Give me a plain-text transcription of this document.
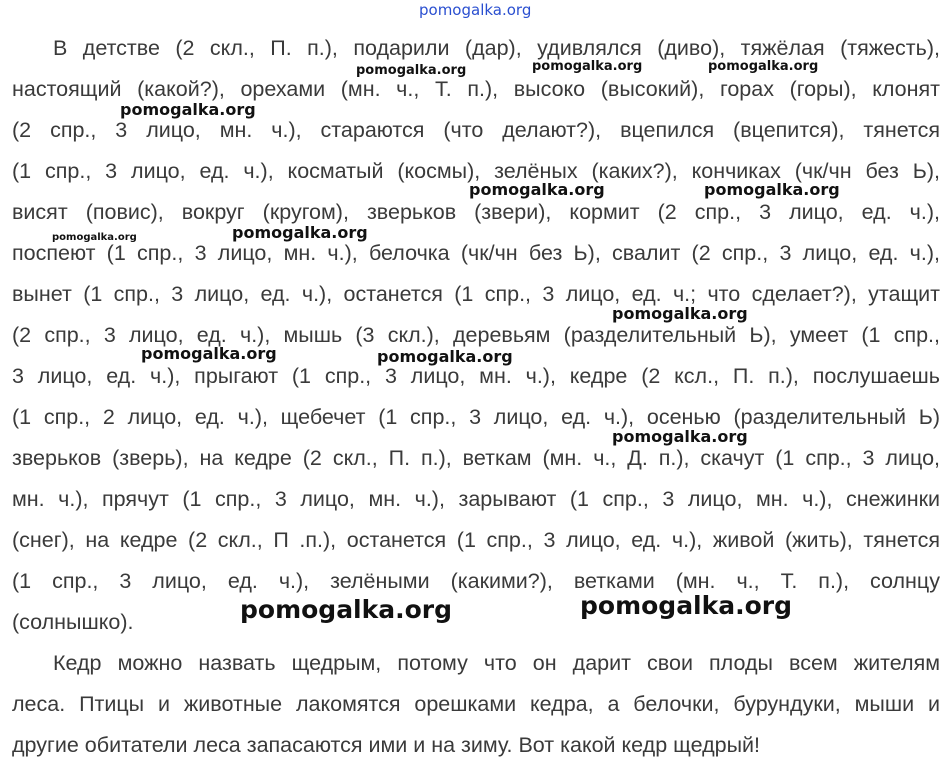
pomogalka.org
В детстве (2 скл., П. п.), подарили (дар), удивлялся (диво), тяжёлая (тяжесть),
настоящий (какой?), орехами (мн. ч., Т. п.), высоко (высокий), горах (горы), клонят
(2 спр., 3 лицо, мн. ч.), стараются (что делают?), вцепился (вцепится), тянется
(1 спр., 3 лицо, ед. ч.), косматый (космы), зелёных (каких?), кончиках (чк/чн без Ь),
висят (повис), вокруг (кругом), зверьков (звери), кормит (2 спр., 3 лицо, ед. ч.),
поспеют (1 спр., 3 лицо, мн. ч.), белочка (чк/чн без Ь), свалит (2 спр., 3 лицо, ед. ч.),
вынет (1 спр., 3 лицо, ед. ч.), останется (1 спр., 3 лицо, ед. ч.; что сделает?), утащит
(2 спр., 3 лицо, ед. ч.), мышь (3 скл.), деревьям (разделительный Ь), умеет (1 спр.,
3 лицо, ед. ч.), прыгают (1 спр., 3 лицо, мн. ч.), кедре (2 ксл., П. п.), послушаешь
(1 спр., 2 лицо, ед. ч.), щебечет (1 спр., 3 лицо, ед. ч.), осенью (разделительный Ь)
зверьков (зверь), на кедре (2 скл., П. п.), веткам (мн. ч., Д. п.), скачут (1 спр., 3 лицо,
мн. ч.), прячут (1 спр., 3 лицо, мн. ч.), зарывают (1 спр., 3 лицо, мн. ч.), снежинки
(снег), на кедре (2 скл., П .п.), останется (1 спр., 3 лицо, ед. ч.), живой (жить), тянется
(1 спр., 3 лицо, ед. ч.), зелёными (какими?), ветками (мн. ч., Т. п.), солнцу
(солнышко).
Кедр можно назвать щедрым, потому что он дарит свои плоды всем жителям
леса. Птицы и животные лакомятся орешками кедра, а белочки, бурундуки, мыши и
другие обитатели леса запасаются ими и на зиму. Вот какой кедр щедрый!
pomogalka.org	pomogalka.org	pomogalka.org
pomogalka.org
pomogalka.org	pomogalka.org
pomogalka.org	pomogalka.org
pomogalka.org
pomogalka.org	pomogalka.org
pomogalka.org
pomogalka.org	pomogalka.org
